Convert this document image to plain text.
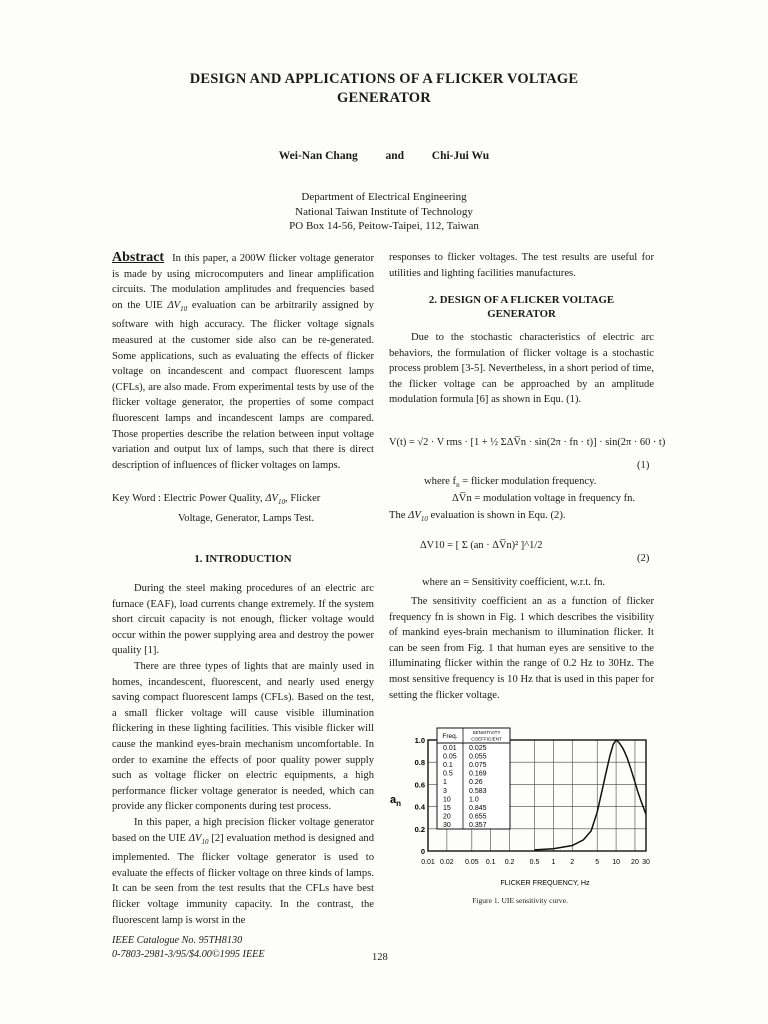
DESIGN AND APPLICATIONS OF A FLICKER VOLTAGE
GENERATOR
Wei-Nan Chang and Chi-Jui Wu
Department of Electrical Engineering
National Taiwan Institute of Technology
PO Box 14-56, Peitow-Taipei, 112, Taiwan

Abstract In this paper, a 200W flicker voltage generator is made by using microcomputers and linear amplification circuits. The modulation amplitudes and frequencies based on the UIE $\Delta V_{10}$ evaluation can be arbitrarily assigned by software with high accuracy. The flicker voltage signals measured at the customer side also can be re-generated. Some applications, such as evaluating the effects of flicker voltage on incandescent and compact fluorescent lamps (CFLs), are also made. From experimental tests by use of the flicker voltage generator, the properties of some compact fluorescent lamps and incandescent lamps are compared. Those properties describe the relation between input voltage variation and output lux of lamps, such that there is direct description of influences of flicker voltages on lamps.

Key Word : Electric Power Quality, $\Delta V_{10}$, Flicker
Voltage, Generator, Lamps Test.
1. INTRODUCTION

During the steel making procedures of an electric arc furnace (EAF), load currents change extremely. If the system short circuit capacity is not enough, flicker voltage would occur within the power supplying area and destroy the power quality [1].

There are three types of lights that are mainly used in homes, incandescent, fluorescent, and nearly used energy saving compact fluorescent lamps (CFLs). Based on the test, a small flicker voltage will cause visible illumination flickering in these lighting facilities. This visible flicker will cause the mankind eyes-brain mechanism uncomfortable. In order to examine the effects of poor quality power supply such as voltage flicker on electric equipments, a high performance flicker voltage generator is needed, which can provide any flicker components during test process.

In this paper, a high precision flicker voltage generator based on the UIE $\Delta V_{10}$ [2] evaluation method is designed and implemented. The flicker voltage generator is used to evaluate the effects of flicker voltage on three kinds of lamps. It can be seen from the test results that the CFLs have best flicker voltage immunity capacity. In the contrast, the fluorescent lamp is worst in the

responses to flicker voltages. The test results are useful for utilities and lighting facilities manufactures.
2. DESIGN OF A FLICKER VOLTAGE
GENERATOR

Due to the stochastic characteristics of electric arc behaviors, the formulation of flicker voltage is a stochastic process problem [3-5]. Nevertheless, in a short period of time, the flicker voltage can be approached by an amplitude modulation formula [6] as shown in Equ. (1).

V(t) = √2 · V rms · [1 + ½ ΣΔV̅n · sin(2π · fn · t)] · sin(2π · 60 · t)
(1)
where $f_n$ = flicker modulation frequency.
ΔV̅n = modulation voltage in frequency fn.
The $\Delta V_{10}$ evaluation is shown in Equ. (2).
ΔV10 = [ Σ (an · ΔV̅n)² ]^1/2
(2)
where an = Sensitivity coefficient, w.r.t. fn.

The sensitivity coefficient an as a function of flicker frequency fn is shown in Fig. 1 which describes the visibility of mankind eyes-brain mechanism to illumination flicker. It can be seen from Fig. 1 that human eyes are sensitive to the illuminating flicker within the range of 0.2 Hz to 30Hz. The most sensitive frequency is 10 Hz that is used in this paper for setting the flicker voltage.

0
0.2
0.4
0.6
0.8
1.0
0.01 0.02 0.05 0.1 0.2 0.5 1 2	5 10 20 30
Freq.
SENSITIVITY
COEFFICIENT
0.01 0.025
0.05 0.055
0.1 0.075
0.5 0.169
1	0.26
3	0.583
10	1.0
15	0.845
20	0.655
30	0.357
$a_n$
FLICKER FREQUENCY, Hz
Figure 1. UIE sensitivity curve.
IEEE Catalogue No. 95TH8130
0-7803-2981-3/95/$4.00©1995 IEEE	128
